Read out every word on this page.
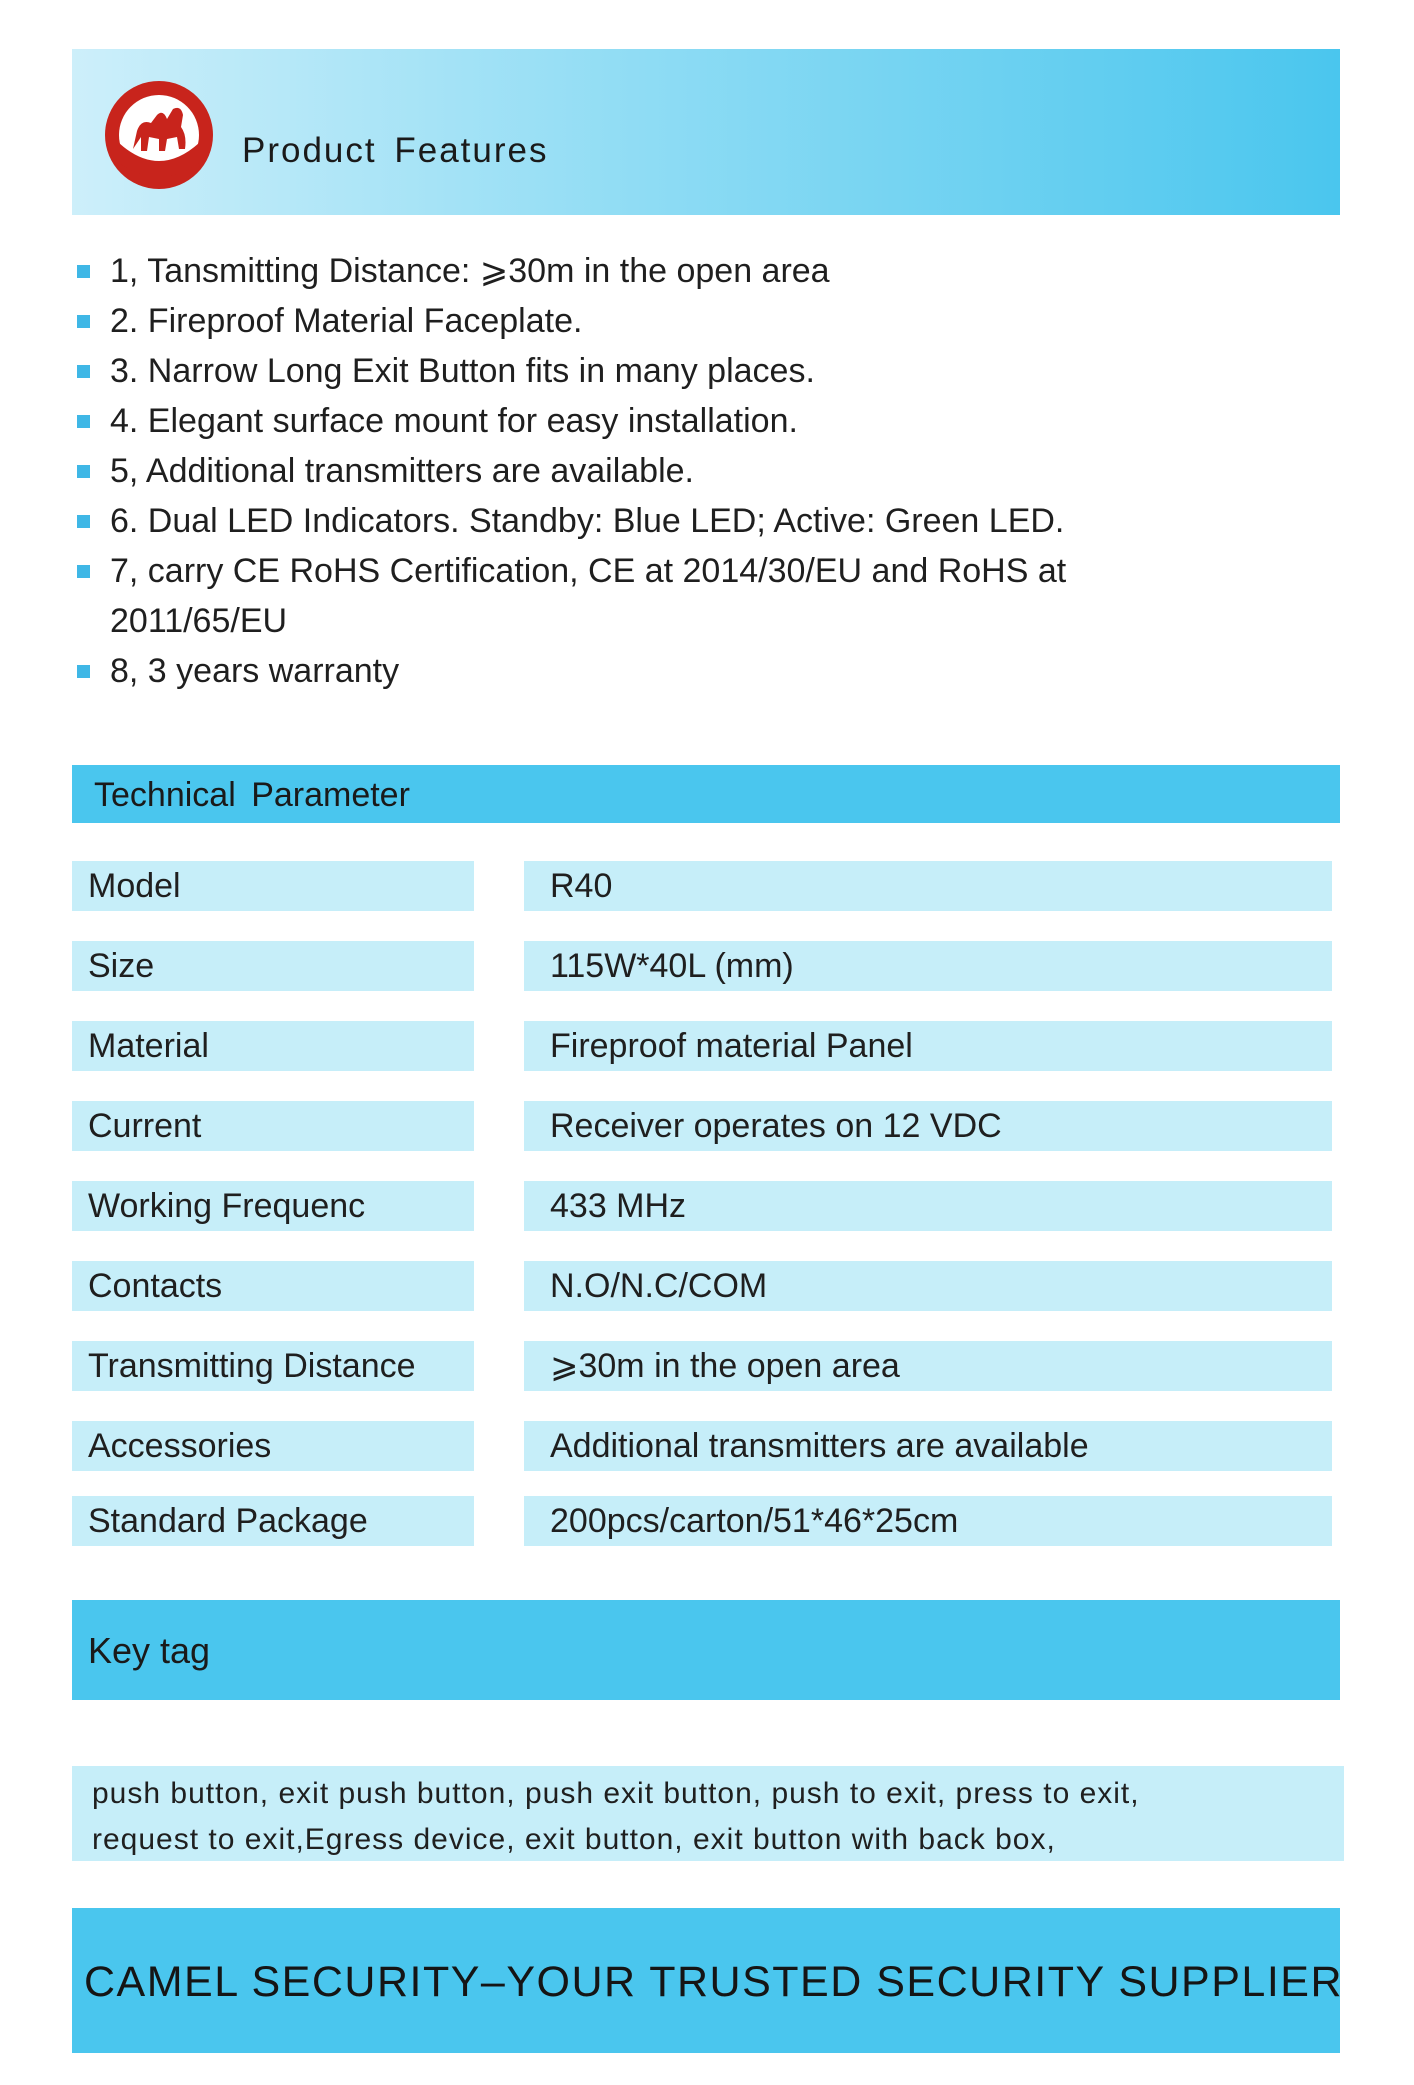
Product Features
1, Tansmitting Distance: ⩾30m in the open area
2. Fireproof Material Faceplate.
3. Narrow Long Exit Button fits in many places.
4. Elegant surface mount for easy installation.
5, Additional transmitters are available.
6. Dual LED Indicators. Standby: Blue LED; Active: Green LED.
7, carry CE RoHS Certification, CE at 2014/30/EU and RoHS at
2011/65/EU
8, 3 years warranty
Technical Parameter
Model	R40
Size	115W*40L (mm)
Material	Fireproof material Panel
Current	Receiver operates on 12 VDC
Working Frequenc	433 MHz
Contacts	N.O/N.C/COM
Transmitting Distance	⩾30m in the open area
Accessories	Additional transmitters are available
Standard Package	200pcs/carton/51*46*25cm
Key tag
push button, exit push button, push exit button, push to exit, press to exit,
request to exit,Egress device, exit button, exit button with back box,
CAMEL SECURITY–YOUR TRUSTED SECURITY SUPPLIER
